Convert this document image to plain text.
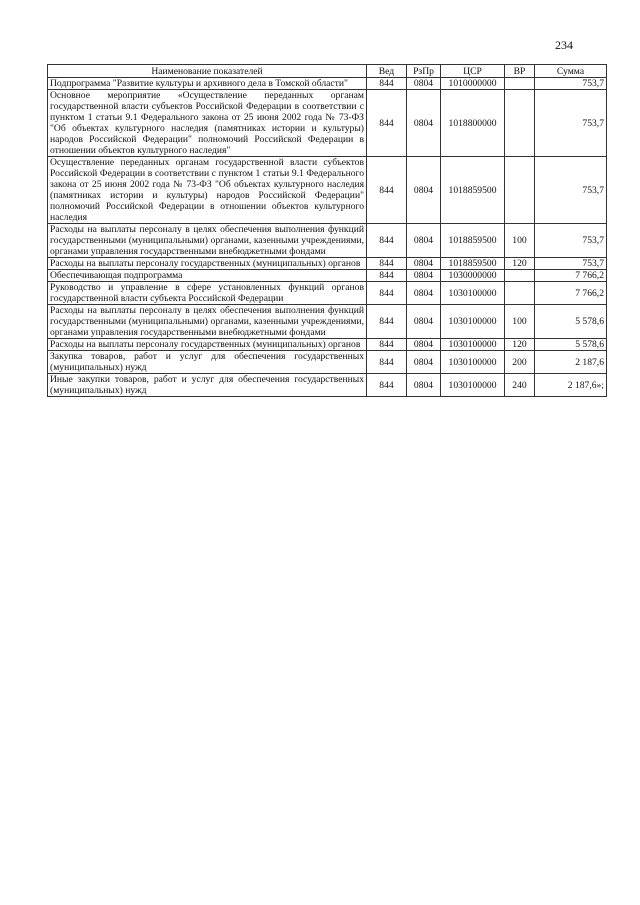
234
Наименование показателей	Вед	РзПр	ЦСР	ВР	Сумма
Подпрограмма "Развитие культуры и архивного дела в Томской области"	844	0804	1010000000		753,7
Основное мероприятие «Осуществление переданных органам государственной власти субъектов Российской Федерации в соответствии с пунктом 1 статьи 9.1 Федерального закона от 25 июня 2002 года № 73-ФЗ "Об объектах культурного наследия (памятниках истории и культуры) народов Российской Федерации" полномочий Российской Федерации в отношении объектов культурного наследия"	844	0804	1018800000		753,7
Осуществление переданных органам государственной власти субъектов Российской Федерации в соответствии с пунктом 1 статьи 9.1 Федерального закона от 25 июня 2002 года № 73-ФЗ "Об объектах культурного наследия (памятниках истории и культуры) народов Российской Федерации" полномочий Российской Федерации в отношении объектов культурного наследия	844	0804	1018859500		753,7
Расходы на выплаты персоналу в целях обеспечения выполнения функций государственными (муниципальными) органами, казенными учреждениями, органами управления государственными внебюджетными фондами	844	0804	1018859500	100	753,7
Расходы на выплаты персоналу государственных (муниципальных) органов	844	0804	1018859500	120	753,7
Обеспечивающая подпрограмма	844	0804	1030000000		7 766,2
Руководство и управление в сфере установленных функций органов государственной власти субъекта Российской Федерации	844	0804	1030100000		7 766,2
Расходы на выплаты персоналу в целях обеспечения выполнения функций государственными (муниципальными) органами, казенными учреждениями, органами управления государственными внебюджетными фондами	844	0804	1030100000	100	5 578,6
Расходы на выплаты персоналу государственных (муниципальных) органов	844	0804	1030100000	120	5 578,6
Закупка товаров, работ и услуг для обеспечения государственных (муниципальных) нужд	844	0804	1030100000	200	2 187,6
Иные закупки товаров, работ и услуг для обеспечения государственных (муниципальных) нужд	844	0804	1030100000	240	2 187,6»;
